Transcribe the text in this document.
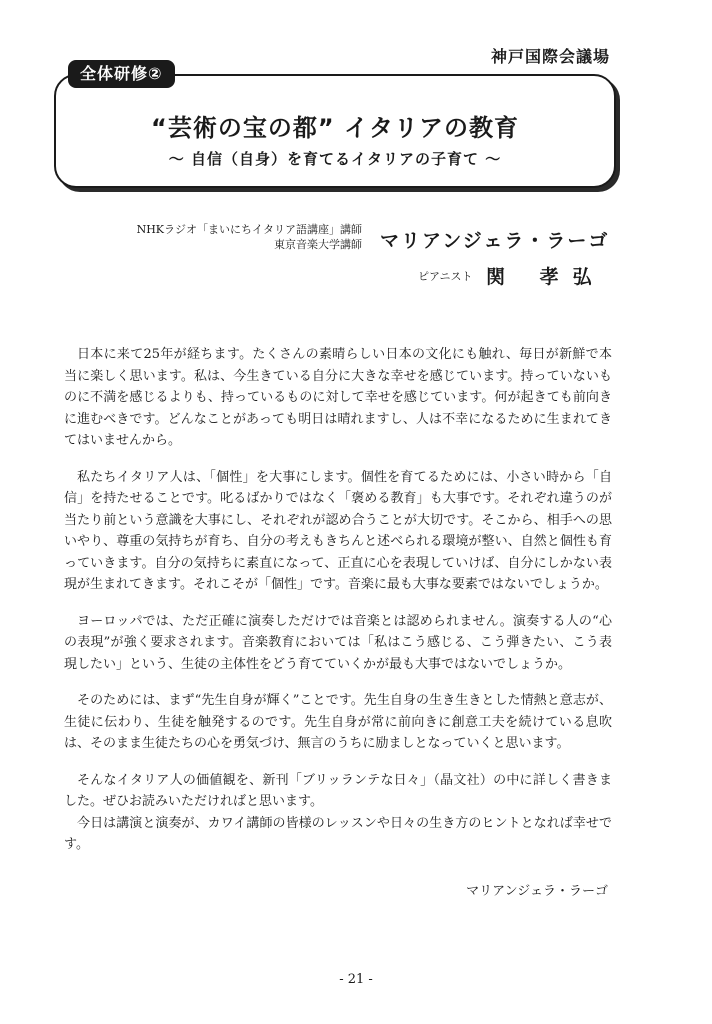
神戸国際会議場
全体研修②
“芸術の宝の都” イタリアの教育
〜 自信（自身）を育てるイタリアの子育て 〜
NHKラジオ「まいにちイタリア語講座」講師
東京音楽大学講師 マリアンジェラ・ラーゴ
ピアニスト 関 孝弘

日本に来て25年が経ちます。たくさんの素晴らしい日本の文化にも触れ、毎日が新鮮で本当に楽しく思います。私は、今生きている自分に大きな幸せを感じています。持っていないものに不満を感じるよりも、持っているものに対して幸せを感じています。何が起きても前向きに進むべきです。どんなことがあっても明日は晴れますし、人は不幸になるために生まれてきてはいませんから。

私たちイタリア人は、「個性」を大事にします。個性を育てるためには、小さい時から「自信」を持たせることです。叱るばかりではなく「褒める教育」も大事です。それぞれ違うのが当たり前という意識を大事にし、それぞれが認め合うことが大切です。そこから、相手への思いやり、尊重の気持ちが育ち、自分の考えもきちんと述べられる環境が整い、自然と個性も育っていきます。自分の気持ちに素直になって、正直に心を表現していけば、自分にしかない表現が生まれてきます。それこそが「個性」です。音楽に最も大事な要素ではないでしょうか。

ヨーロッパでは、ただ正確に演奏しただけでは音楽とは認められません。演奏する人の“心の表現”が強く要求されます。音楽教育においては「私はこう感じる、こう弾きたい、こう表現したい」という、生徒の主体性をどう育てていくかが最も大事ではないでしょうか。

そのためには、まず“先生自身が輝く”ことです。先生自身の生き生きとした情熱と意志が、生徒に伝わり、生徒を触発するのです。先生自身が常に前向きに創意工夫を続けている息吹は、そのまま生徒たちの心を勇気づけ、無言のうちに励ましとなっていくと思います。

そんなイタリア人の価値観を、新刊「ブリッランテな日々」（晶文社）の中に詳しく書きました。ぜひお読みいただければと思います。

今日は講演と演奏が、カワイ講師の皆様のレッスンや日々の生き方のヒントとなれば幸せです。

マリアンジェラ・ラーゴ
- 21 -
